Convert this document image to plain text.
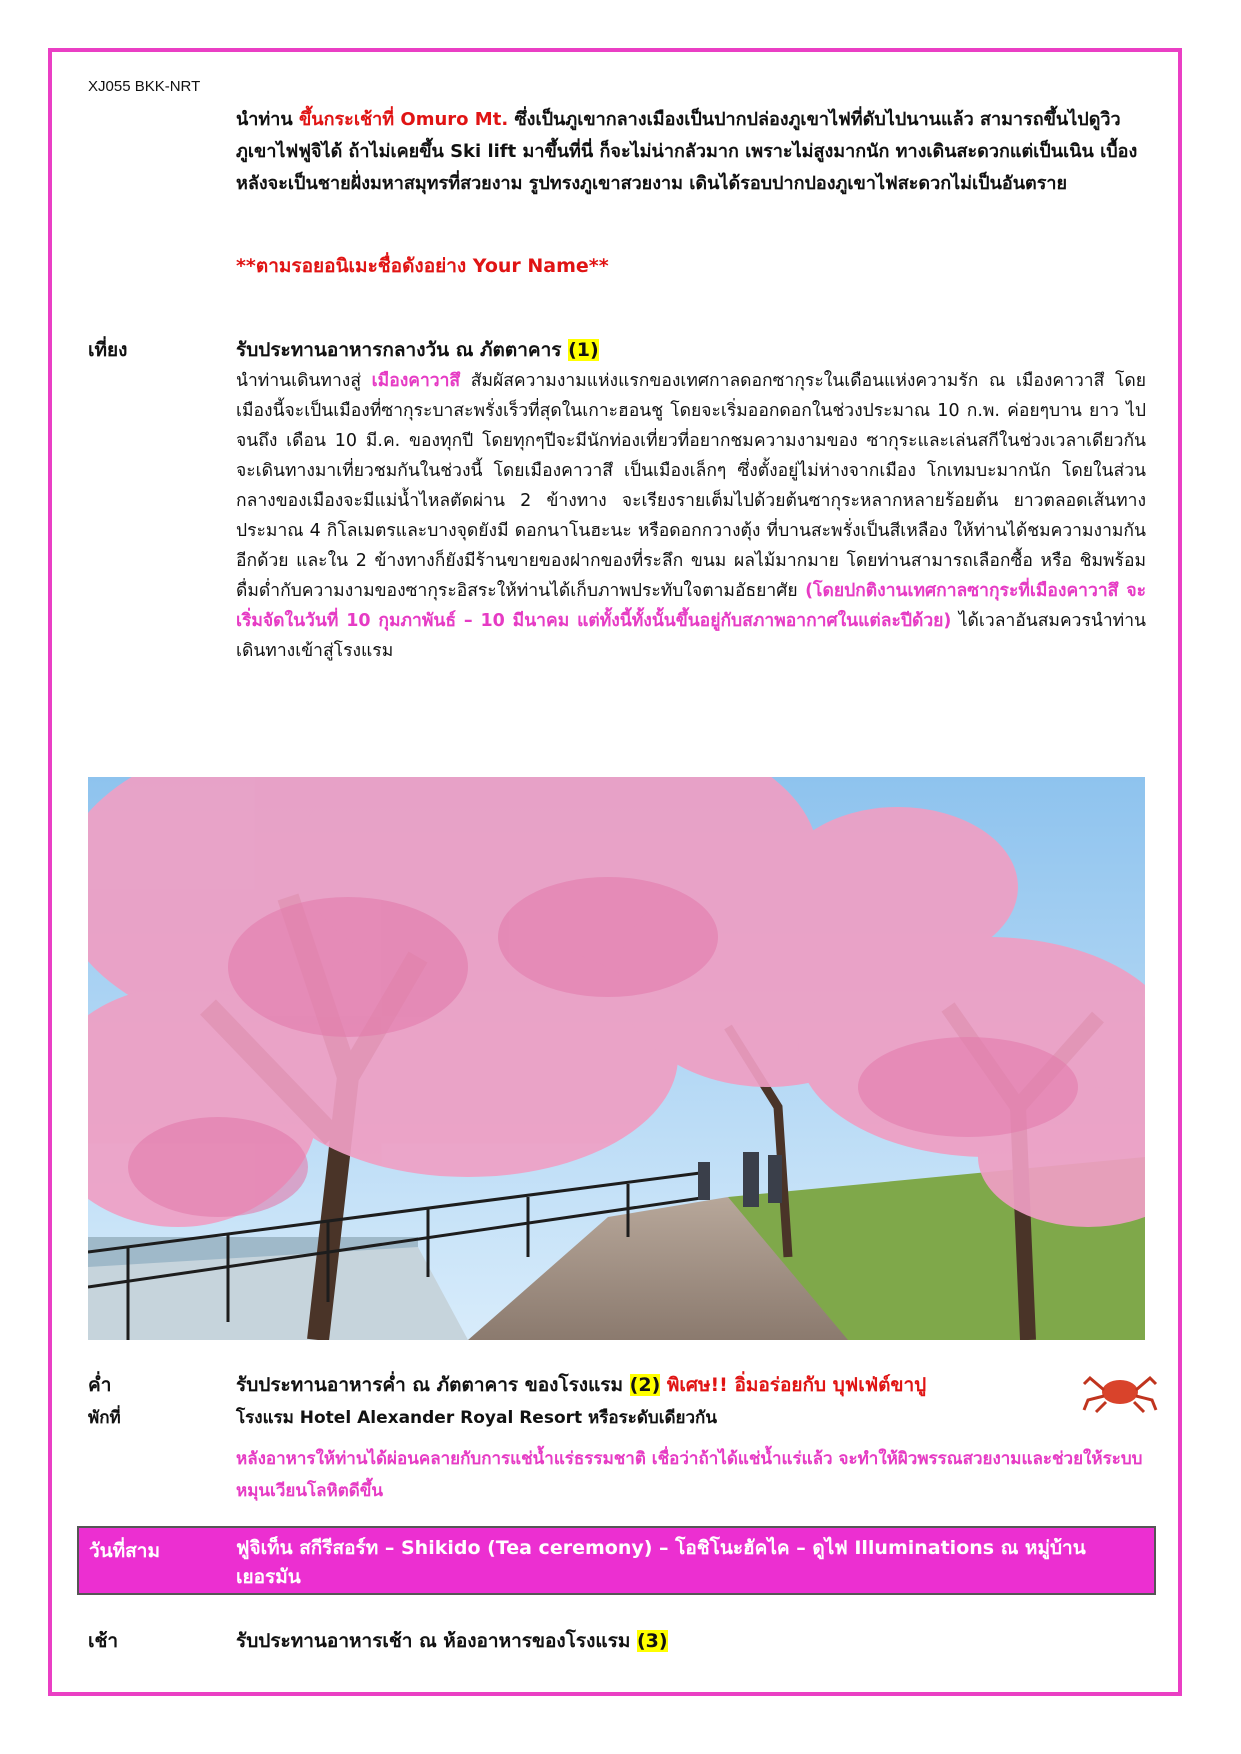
XJ055 BKK-NRT
นำท่าน ขึ้นกระเช้าที่ Omuro Mt. ซึ่งเป็นภูเขากลางเมืองเป็นปากปล่องภูเขาไฟที่ดับไปนานแล้ว สามารถขึ้นไปดูวิวภูเขาไฟฟูจิได้ ถ้าไม่เคยขึ้น Ski lift มาขึ้นที่นี่ ก็จะไม่น่ากลัวมาก เพราะไม่สูงมากนัก ทางเดินสะดวกแต่เป็นเนิน เบื้องหลังจะเป็นชายฝั่งมหาสมุทรที่สวยงาม รูปทรงภูเขาสวยงาม เดินได้รอบปากปองภูเขาไฟสะดวกไม่เป็นอันตราย
**ตามรอยอนิเมะชื่อดังอย่าง Your Name**
เที่ยง	รับประทานอาหารกลางวัน ณ ภัตตาคาร (1)
นำท่านเดินทางสู่ เมืองคาวาสึ สัมผัสความงามแห่งแรกของเทศกาลดอกซากุระในเดือนแห่งความรัก ณ เมืองคาวาสึ โดยเมืองนี้จะเป็นเมืองที่ซากุระบาสะพรั่งเร็วที่สุดในเกาะฮอนชู โดยจะเริ่มออกดอกในช่วงประมาณ 10 ก.พ. ค่อยๆบาน ยาว ไปจนถึง เดือน 10 มี.ค. ของทุกปี โดยทุกๆปีจะมีนักท่องเที่ยวที่อยากชมความงามของ ซากุระและเล่นสกีในช่วงเวลาเดียวกัน จะเดินทางมาเที่ยวชมกันในช่วงนี้ โดยเมืองคาวาสึ เป็นเมืองเล็กๆ ซึ่งตั้งอยู่ไม่ห่างจากเมือง โกเทมบะมากนัก โดยในส่วนกลางของเมืองจะมีแม่น้ำไหลตัดผ่าน 2 ข้างทาง จะเรียงรายเต็มไปด้วยต้นซากุระหลากหลายร้อยต้น ยาวตลอดเส้นทางประมาณ 4 กิโลเมตรและบางจุดยังมี ดอกนาโนฮะนะ หรือดอกกวางตุ้ง ที่บานสะพรั่งเป็นสีเหลือง ให้ท่านได้ชมความงามกันอีกด้วย และใน 2 ข้างทางก็ยังมีร้านขายของฝากของที่ระลึก ขนม ผลไม้มากมาย โดยท่านสามารถเลือกซื้อ หรือ ชิมพร้อมดื่มด่ำกับความงามของซากุระอิสระให้ท่านได้เก็บภาพประทับใจตามอัธยาศัย (โดยปกติงานเทศกาลซากุระที่เมืองคาวาสึ จะเริ่มจัดในวันที่ 10 กุมภาพันธ์ – 10 มีนาคม แต่ทั้งนี้ทั้งนั้นขึ้นอยู่กับสภาพอากาศในแต่ละปีด้วย) ได้เวลาอันสมควรนำท่านเดินทางเข้าสู่โรงแรม
ค่ำ	รับประทานอาหารค่ำ ณ ภัตตาคาร ของโรงแรม (2) พิเศษ!! อิ่มอร่อยกับ บุฟเฟ่ต์ขาปู
พักที่	โรงแรม Hotel Alexander Royal Resort หรือระดับเดียวกัน
หลังอาหารให้ท่านได้ผ่อนคลายกับการแช่น้ำแร่ธรรมชาติ เชื่อว่าถ้าได้แช่น้ำแร่แล้ว จะทำให้ผิวพรรณสวยงามและช่วยให้ระบบหมุนเวียนโลหิตดีขึ้น
วันที่สาม	ฟูจิเท็น สกีรีสอร์ท – Shikido (Tea ceremony) – โอชิโนะฮัคไค – ดูไฟ Illuminations ณ หมู่บ้านเยอรมัน
เช้า	รับประทานอาหารเช้า ณ ห้องอาหารของโรงแรม (3)
